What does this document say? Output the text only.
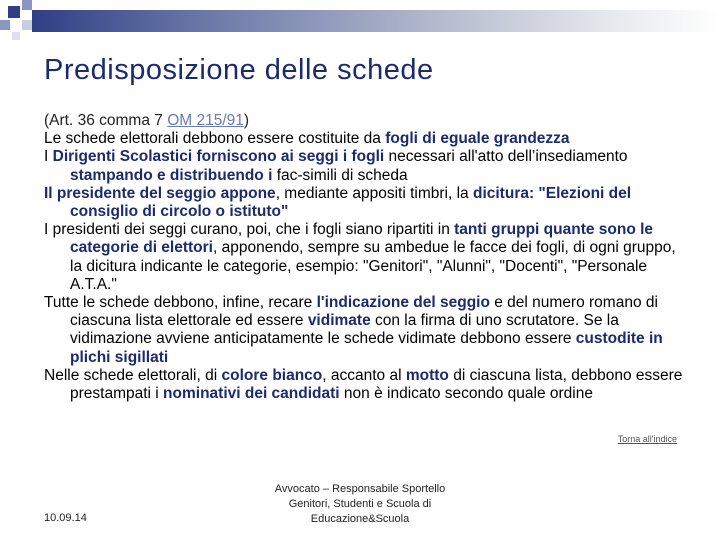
Predisposizione delle schede

(Art. 36 comma 7 OM 215/91)

Le schede elettorali debbono essere costituite da fogli di eguale grandezza

I Dirigenti Scolastici forniscono ai seggi i fogli necessari all'atto dell’insediamento stampando e distribuendo i fac-simili di scheda

Il presidente del seggio appone, mediante appositi timbri, la dicitura: "Elezioni del consiglio di circolo o istituto"

I presidenti dei seggi curano, poi, che i fogli siano ripartiti in tanti gruppi quante sono le categorie di elettori, apponendo, sempre su ambedue le facce dei fogli, di ogni gruppo, la dicitura indicante le categorie, esempio: "Genitori", "Alunni", "Docenti", "Personale A.T.A."

Tutte le schede debbono, infine, recare l'indicazione del seggio e del numero romano di ciascuna lista elettorale ed essere vidimate con la firma di uno scrutatore. Se la vidimazione avviene anticipatamente le schede vidimate debbono essere custodite in plichi sigillati

Nelle schede elettorali, di colore bianco, accanto al motto di ciascuna lista, debbono essere prestampati i nominativi dei candidati non è indicato secondo quale ordine

Torna all'indice
Avvocato – Responsabile Sportello
Genitori, Studenti e Scuola di
Educazione&Scuola
10.09.14
